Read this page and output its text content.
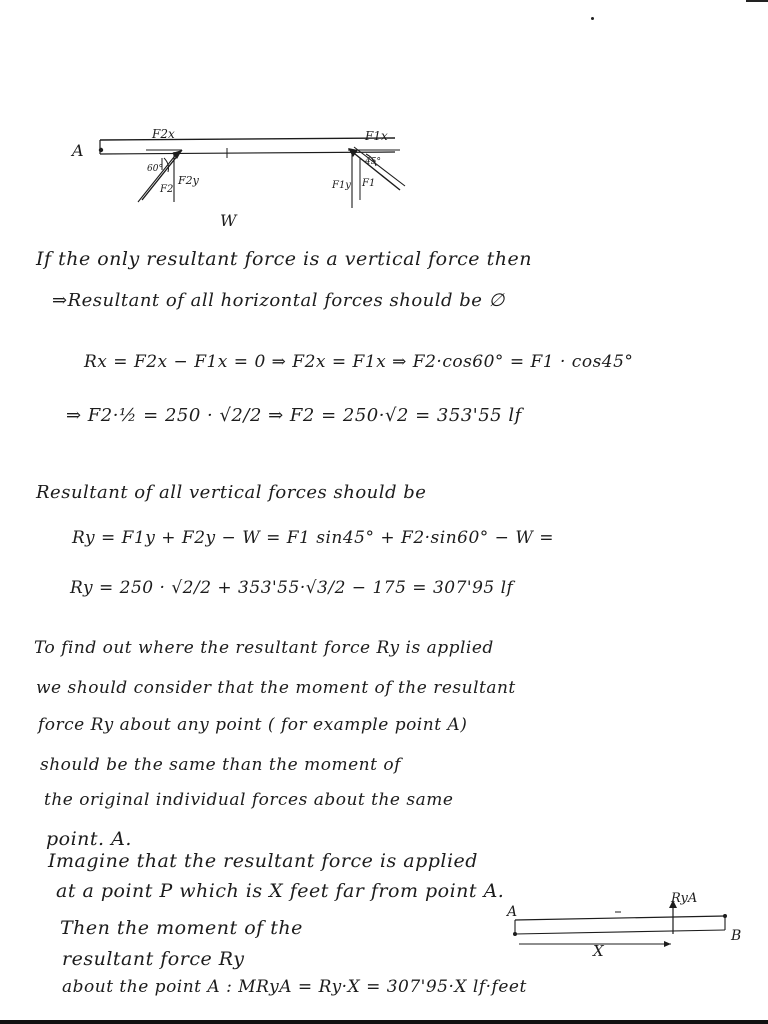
A
F2x	F1x
60°
45°
F2
F2y	F1y F1
W
If the only resultant force is a vertical force then
⇒Resultant of all horizontal forces should be ∅
Rx = F2x − F1x = 0 ⇒ F2x = F1x ⇒ F2·cos60° = F1 · cos45°
⇒ F2·½ = 250 · √2/2 ⇒ F2 = 250·√2 = 353'55 lf
Resultant of all vertical forces should be
Ry = F1y + F2y − W = F1 sin45° + F2·sin60° − W =
Ry = 250 · √2/2 + 353'55·√3/2 − 175 = 307'95 lf
To find out where the resultant force Ry is applied
we should consider that the moment of the resultant
force Ry about any point ( for example point A)
should be the same than the moment of
the original individual forces about the same
point. A.
Imagine that the resultant force is applied
at a point P which is X feet far from point A.
Then the moment of the
resultant force Ry
about the point A : MRyA = Ry·X = 307'95·X lf·feet
A
B
RyA
X
